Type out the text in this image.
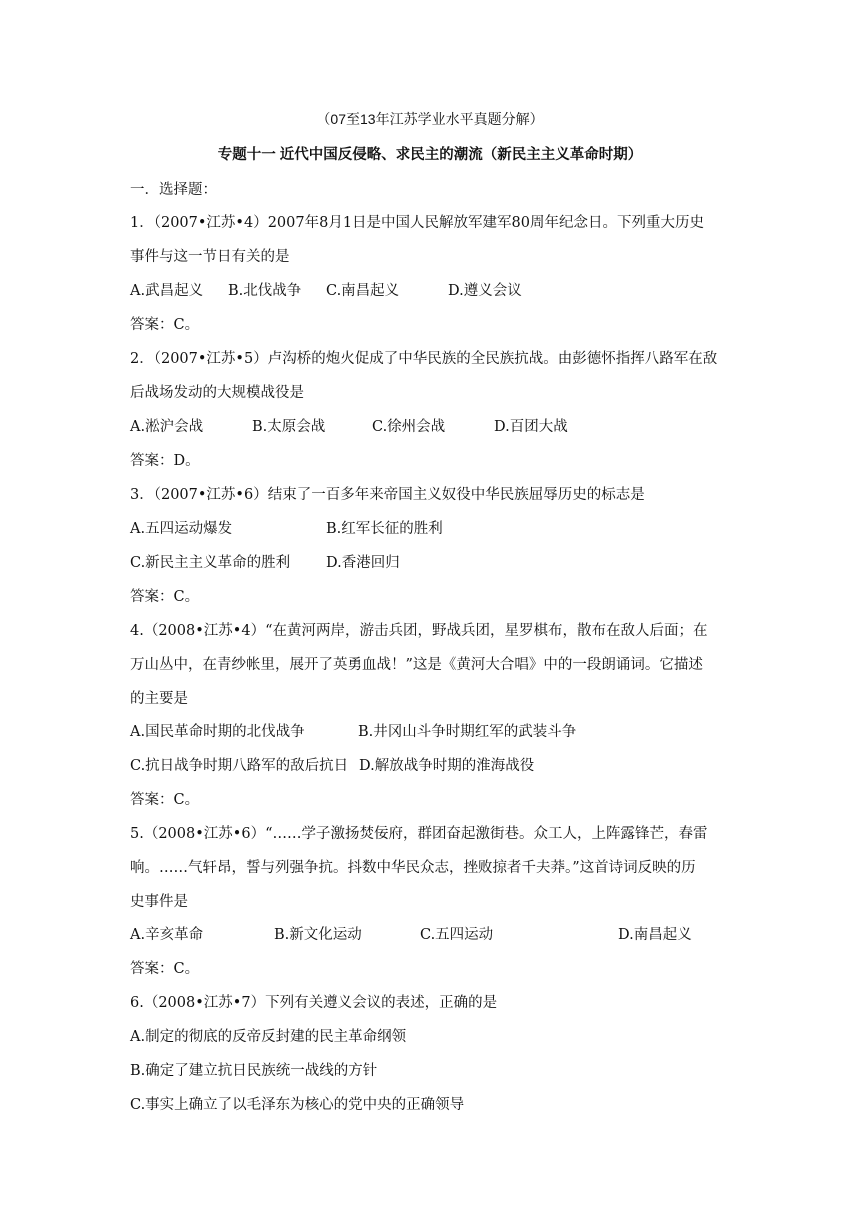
（07至13年江苏学业水平真题分解）
专题十一 近代中国反侵略、求民主的潮流（新民主主义革命时期）
一．选择题：
1．（2007•江苏•4）2007年8月1日是中国人民解放军建军80周年纪念日。下列重大历史
事件与这一节日有关的是
A.武昌起义 B.北伐战争 C.南昌起义	D.遵义会议
答案：C。
2．（2007•江苏•5）卢沟桥的炮火促成了中华民族的全民族抗战。由彭德怀指挥八路军在敌
后战场发动的大规模战役是
A.淞沪会战	B.太原会战	C.徐州会战	D.百团大战
答案：D。
3．（2007•江苏•6）结束了一百多年来帝国主义奴役中华民族屈辱历史的标志是
A.五四运动爆发	B.红军长征的胜利
C.新民主主义革命的胜利 D.香港回归
答案：C。
4.（2008•江苏•4）“在黄河两岸，游击兵团，野战兵团，星罗棋布，散布在敌人后面；在
万山丛中，在青纱帐里，展开了英勇血战！”这是《黄河大合唱》中的一段朗诵词。它描述
的主要是
A.国民革命时期的北伐战争	B.井冈山斗争时期红军的武装斗争
C.抗日战争时期八路军的敌后抗日 D.解放战争时期的淮海战役
答案：C。
5.（2008•江苏•6）“……学子激扬焚佞府，群团奋起激街巷。众工人，上阵露锋芒，春雷
响。……气轩昂，誓与列强争抗。抖数中华民众志，挫败掠者千夫莽。”这首诗词反映的历
史事件是
A.辛亥革命	B.新文化运动	C.五四运动	D.南昌起义
答案：C。
6.（2008•江苏•7）下列有关遵义会议的表述，正确的是
A.制定的彻底的反帝反封建的民主革命纲领
B.确定了建立抗日民族统一战线的方针
C.事实上确立了以毛泽东为核心的党中央的正确领导
